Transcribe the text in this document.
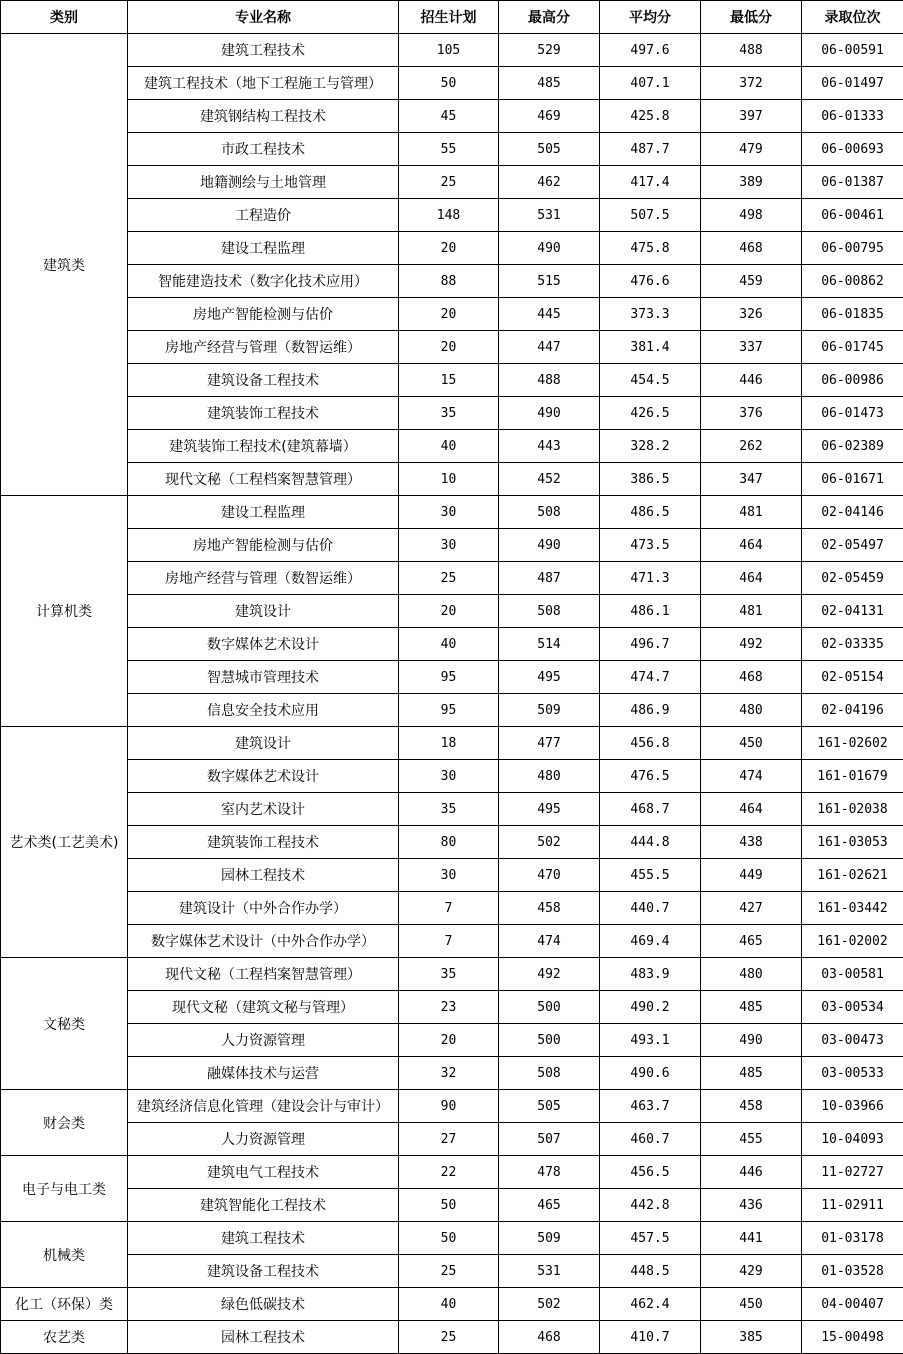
类别	专业名称	招生计划	最高分	平均分	最低分	录取位次
建筑类	建筑工程技术	105	529	497.6	488	06-00591
	建筑工程技术（地下工程施工与管理）	50	485	407.1	372	06-01497
	建筑钢结构工程技术	45	469	425.8	397	06-01333
	市政工程技术	55	505	487.7	479	06-00693
	地籍测绘与土地管理	25	462	417.4	389	06-01387
	工程造价	148	531	507.5	498	06-00461
	建设工程监理	20	490	475.8	468	06-00795
	智能建造技术（数字化技术应用）	88	515	476.6	459	06-00862
	房地产智能检测与估价	20	445	373.3	326	06-01835
	房地产经营与管理（数智运维）	20	447	381.4	337	06-01745
	建筑设备工程技术	15	488	454.5	446	06-00986
	建筑装饰工程技术	35	490	426.5	376	06-01473
	建筑装饰工程技术(建筑幕墙）	40	443	328.2	262	06-02389
	现代文秘（工程档案智慧管理）	10	452	386.5	347	06-01671
计算机类	建设工程监理	30	508	486.5	481	02-04146
	房地产智能检测与估价	30	490	473.5	464	02-05497
	房地产经营与管理（数智运维）	25	487	471.3	464	02-05459
	建筑设计	20	508	486.1	481	02-04131
	数字媒体艺术设计	40	514	496.7	492	02-03335
	智慧城市管理技术	95	495	474.7	468	02-05154
	信息安全技术应用	95	509	486.9	480	02-04196
艺术类(工艺美术)	建筑设计	18	477	456.8	450	161-02602
	数字媒体艺术设计	30	480	476.5	474	161-01679
	室内艺术设计	35	495	468.7	464	161-02038
	建筑装饰工程技术	80	502	444.8	438	161-03053
	园林工程技术	30	470	455.5	449	161-02621
	建筑设计（中外合作办学）	7	458	440.7	427	161-03442
	数字媒体艺术设计（中外合作办学）	7	474	469.4	465	161-02002
文秘类	现代文秘（工程档案智慧管理）	35	492	483.9	480	03-00581
	现代文秘（建筑文秘与管理）	23	500	490.2	485	03-00534
	人力资源管理	20	500	493.1	490	03-00473
	融媒体技术与运营	32	508	490.6	485	03-00533
财会类	建筑经济信息化管理（建设会计与审计）	90	505	463.7	458	10-03966
	人力资源管理	27	507	460.7	455	10-04093
电子与电工类	建筑电气工程技术	22	478	456.5	446	11-02727
	建筑智能化工程技术	50	465	442.8	436	11-02911
机械类	建筑工程技术	50	509	457.5	441	01-03178
	建筑设备工程技术	25	531	448.5	429	01-03528
化工（环保）类	绿色低碳技术	40	502	462.4	450	04-00407
农艺类	园林工程技术	25	468	410.7	385	15-00498
